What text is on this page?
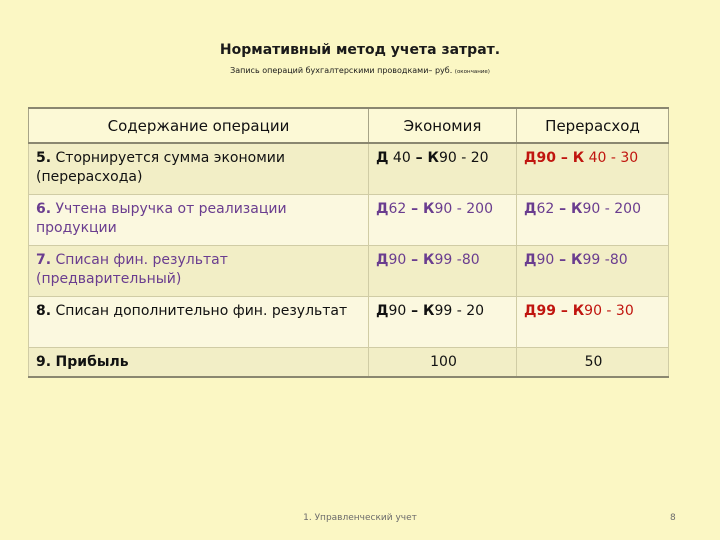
Нормативный метод учета затрат.
Запись операций бухгалтерскими проводками– руб. (окончание)
Содержание операции	Экономия	Перерасход
5. Сторнируется сумма экономии (перерасхода)	Д 40 – К90 - 20	Д90 – К 40 - 30
6. Учтена выручка от реализации продукции	Д62 – К90 - 200	Д62 – К90 - 200
7. Списан фин. результат (предварительный)	Д90 – К99 -80	Д90 – К99 -80
8. Списан дополнительно фин. результат	Д90 – К99 - 20	Д99 – К90 - 30
9. Прибыль	100	50
1. Управленческий учет	8
